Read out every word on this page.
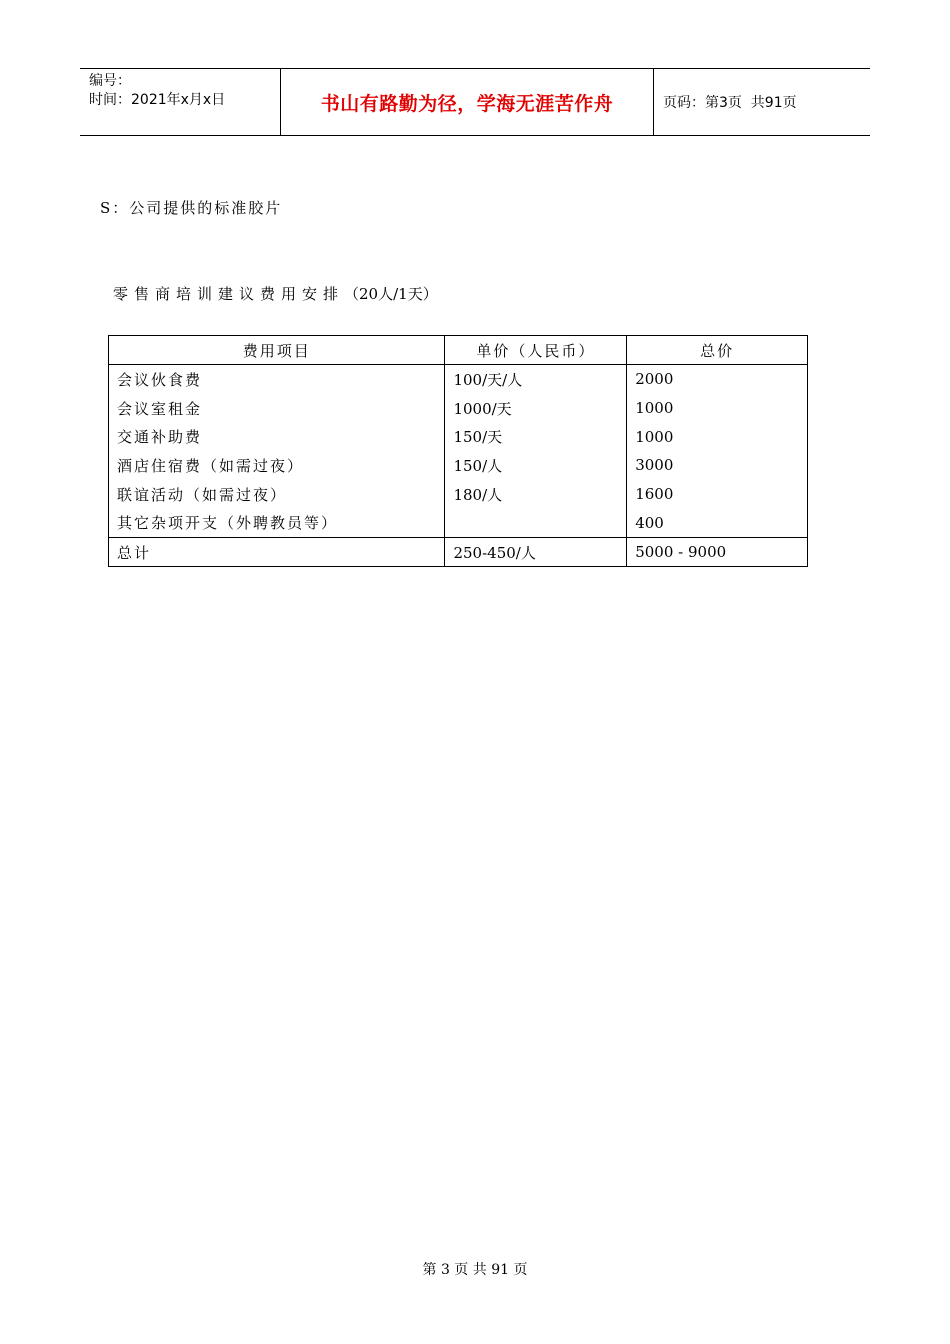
编号：
时间：2021年x月x日	书山有路勤为径，学海无涯苦作舟	页码：第3页  共91页
S：公司提供的标准胶片
零售商培训建议费用安排（20人/1天）
费用项目	单价（人民币）	总价
会议伙食费	100/天/人	2000
会议室租金	1000/天	1000
交通补助费	150/天	1000
酒店住宿费（如需过夜）	150/人	3000
联谊活动（如需过夜）	180/人	1600
其它杂项开支（外聘教员等）		400
总计	250-450/人	5000 - 9000
第 3 页 共 91 页
